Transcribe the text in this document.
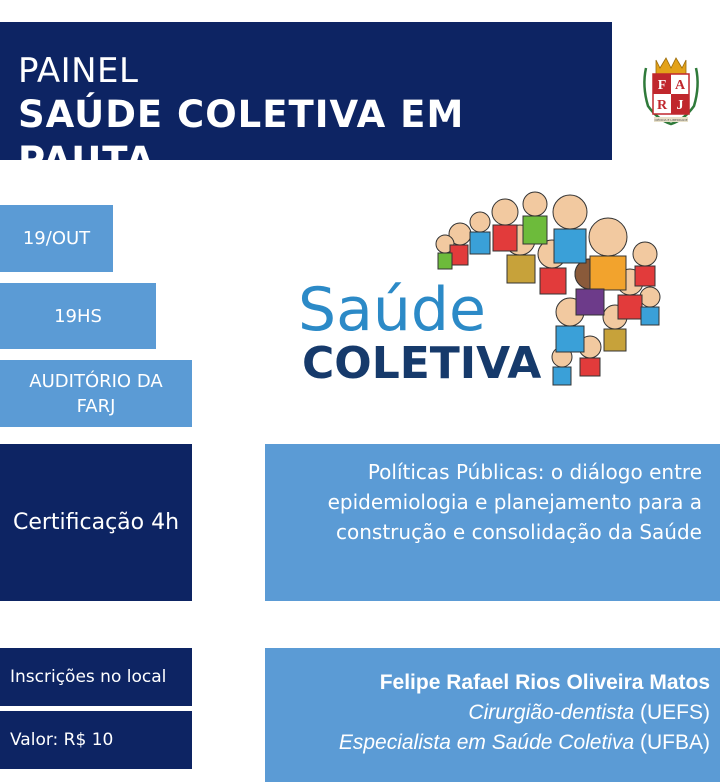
PAINEL
SAÚDE COLETIVA EM PAUTA
F A
R J
CIÊNCIA E LIBERDADE
19/OUT
19HS
AUDITÓRIO DA FARJ
Certificação 4h
Inscrições no local
Valor: R$ 10
Saúde
COLETIVA
Políticas Públicas: o diálogo entre epidemiologia e planejamento para a construção e consolidação da Saúde
Felipe Rafael Rios Oliveira Matos
Cirurgião-dentista (UEFS)
Especialista em Saúde Coletiva (UFBA)
